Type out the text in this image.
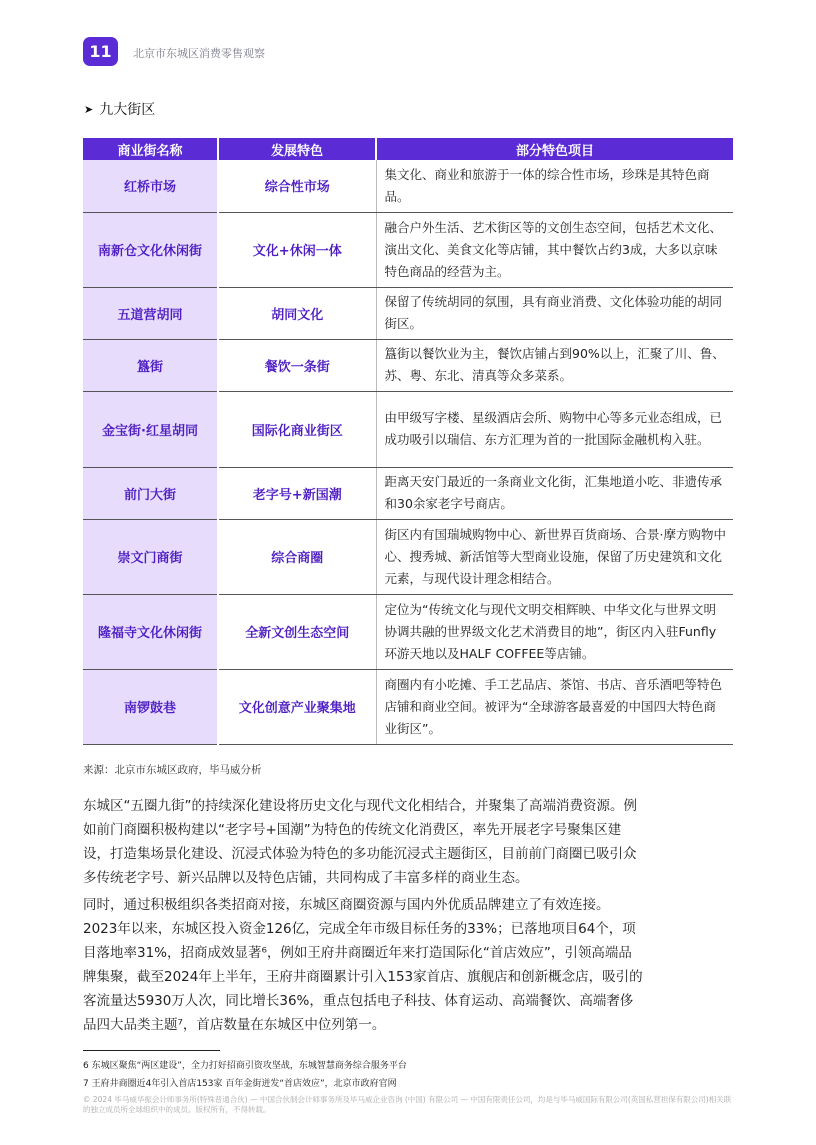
11	北京市东城区消费零售观察
➤ 九大街区
商业街名称	发展特色	部分特色项目
红桥市场	综合性市场	集文化、商业和旅游于一体的综合性市场，珍珠是其特色商品。
南新仓文化休闲街	文化+休闲一体	融合户外生活、艺术街区等的文创生态空间，包括艺术文化、演出文化、美食文化等店铺，其中餐饮占约3成，大多以京味特色商品的经营为主。
五道营胡同	胡同文化	保留了传统胡同的氛围，具有商业消费、文化体验功能的胡同街区。
簋街	餐饮一条街	簋街以餐饮业为主，餐饮店铺占到90%以上，汇聚了川、鲁、苏、粤、东北、清真等众多菜系。
金宝街·红星胡同	国际化商业街区	由甲级写字楼、星级酒店会所、购物中心等多元业态组成，已成功吸引以瑞信、东方汇理为首的一批国际金融机构入驻。
前门大街	老字号+新国潮	距离天安门最近的一条商业文化街，汇集地道小吃、非遗传承和30余家老字号商店。
崇文门商街	综合商圈	街区内有国瑞城购物中心、新世界百货商场、合景·摩方购物中心、搜秀城、新活馆等大型商业设施，保留了历史建筑和文化元素，与现代设计理念相结合。
隆福寺文化休闲街	全新文创生态空间	定位为“传统文化与现代文明交相辉映、中华文化与世界文明协调共融的世界级文化艺术消费目的地”，街区内入驻Funfly环游天地以及HALF COFFEE等店铺。
南锣鼓巷	文化创意产业聚集地	商圈内有小吃摊、手工艺品店、茶馆、书店、音乐酒吧等特色店铺和商业空间。被评为“全球游客最喜爱的中国四大特色商业街区”。
来源：北京市东城区政府，毕马威分析

东城区“五圈九街”的持续深化建设将历史文化与现代文化相结合，并聚集了高端消费资源。例如前门商圈积极构建以“老字号+国潮”为特色的传统文化消费区，率先开展老字号聚集区建设，打造集场景化建设、沉浸式体验为特色的多功能沉浸式主题街区，目前前门商圈已吸引众多传统老字号、新兴品牌以及特色店铺，共同构成了丰富多样的商业生态。

同时，通过积极组织各类招商对接，东城区商圈资源与国内外优质品牌建立了有效连接。2023年以来，东城区投入资金126亿，完成全年市级目标任务的33%；已落地项目64个，项目落地率31%，招商成效显著⁶，例如王府井商圈近年来打造国际化“首店效应”，引领高端品牌集聚，截至2024年上半年，王府井商圈累计引入153家首店、旗舰店和创新概念店，吸引的客流量达5930万人次，同比增长36%，重点包括电子科技、体育运动、高端餐饮、高端奢侈品四大品类主题⁷，首店数量在东城区中位列第一。

6 东城区聚焦“两区建设”，全力打好招商引资攻坚战，东城智慧商务综合服务平台
7 王府井商圈近4年引入首店153家 百年金街迸发“首店效应”，北京市政府官网
© 2024 毕马威华振会计师事务所(特殊普通合伙) — 中国合伙制会计师事务所及毕马威企业咨询 (中国) 有限公司 — 中国有限责任公司，均是与毕马威国际有限公司(英国私营担保有限公司)相关联的独立成员所全球组织中的成员。版权所有，不得转载。
